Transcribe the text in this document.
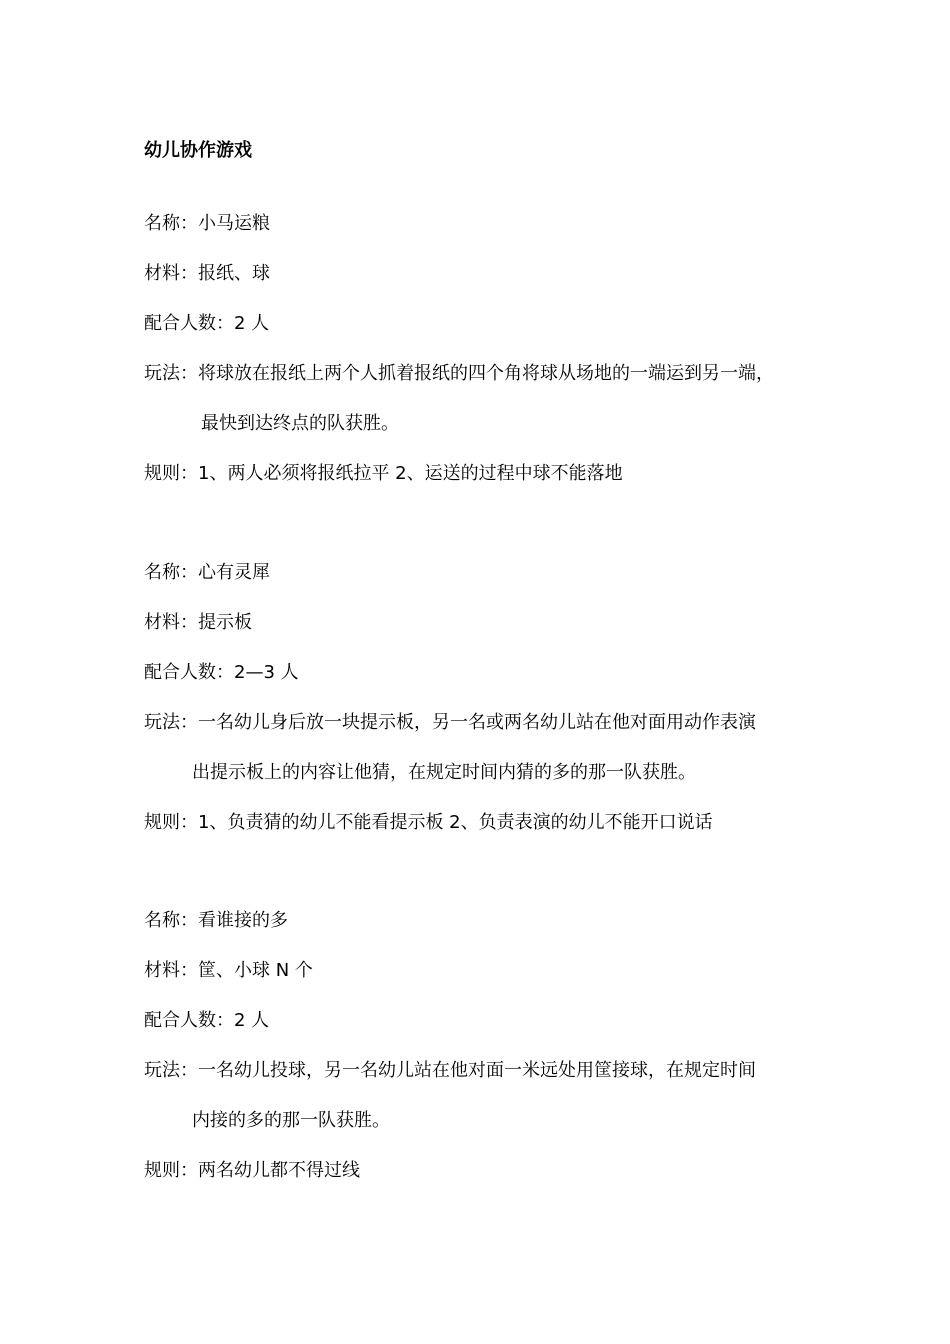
幼儿协作游戏
名称：小马运粮
材料：报纸、球
配合人数：2 人
玩法：将球放在报纸上两个人抓着报纸的四个角将球从场地的一端运到另一端，
最快到达终点的队获胜。
规则：1、两人必须将报纸拉平 2、运送的过程中球不能落地
名称：心有灵犀
材料：提示板
配合人数：2—3 人
玩法：一名幼儿身后放一块提示板，另一名或两名幼儿站在他对面用动作表演
出提示板上的内容让他猜，在规定时间内猜的多的那一队获胜。
规则：1、负责猜的幼儿不能看提示板 2、负责表演的幼儿不能开口说话
名称：看谁接的多
材料：筐、小球 N 个
配合人数：2 人
玩法：一名幼儿投球，另一名幼儿站在他对面一米远处用筐接球，在规定时间
内接的多的那一队获胜。
规则：两名幼儿都不得过线
